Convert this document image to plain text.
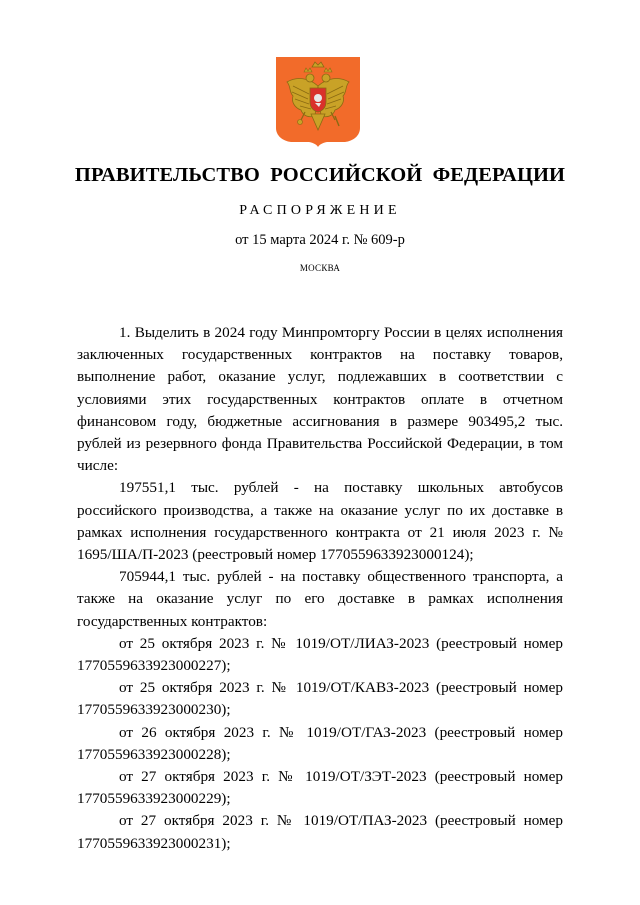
ПРАВИТЕЛЬСТВО РОССИЙСКОЙ ФЕДЕРАЦИИ
РАСПОРЯЖЕНИЕ
от 15 марта 2024 г. № 609-р
МОСКВА

1. Выделить в 2024 году Минпромторгу России в целях исполнения заключенных государственных контрактов на поставку товаров, выполнение работ, оказание услуг, подлежавших в соответствии с условиями этих государственных контрактов оплате в отчетном финансовом году, бюджетные ассигнования в размере 903495,2 тыс. рублей из резервного фонда Правительства Российской Федерации, в том числе:

197551,1 тыс. рублей - на поставку школьных автобусов российского производства, а также на оказание услуг по их доставке в рамках исполнения государственного контракта от 21 июля 2023 г. № 1695/ША/П-2023 (реестровый номер 1770559633923000124);

705944,1 тыс. рублей - на поставку общественного транспорта, а также на оказание услуг по его доставке в рамках исполнения государственных контрактов:

от 25 октября 2023 г. № 1019/ОТ/ЛИАЗ-2023 (реестровый номер 1770559633923000227);

от 25 октября 2023 г. № 1019/ОТ/КАВЗ-2023 (реестровый номер 1770559633923000230);

от 26 октября 2023 г. № 1019/ОТ/ГАЗ-2023 (реестровый номер 1770559633923000228);

от 27 октября 2023 г. № 1019/ОТ/ЗЭТ-2023 (реестровый номер 1770559633923000229);

от 27 октября 2023 г. № 1019/ОТ/ПАЗ-2023 (реестровый номер 1770559633923000231);
